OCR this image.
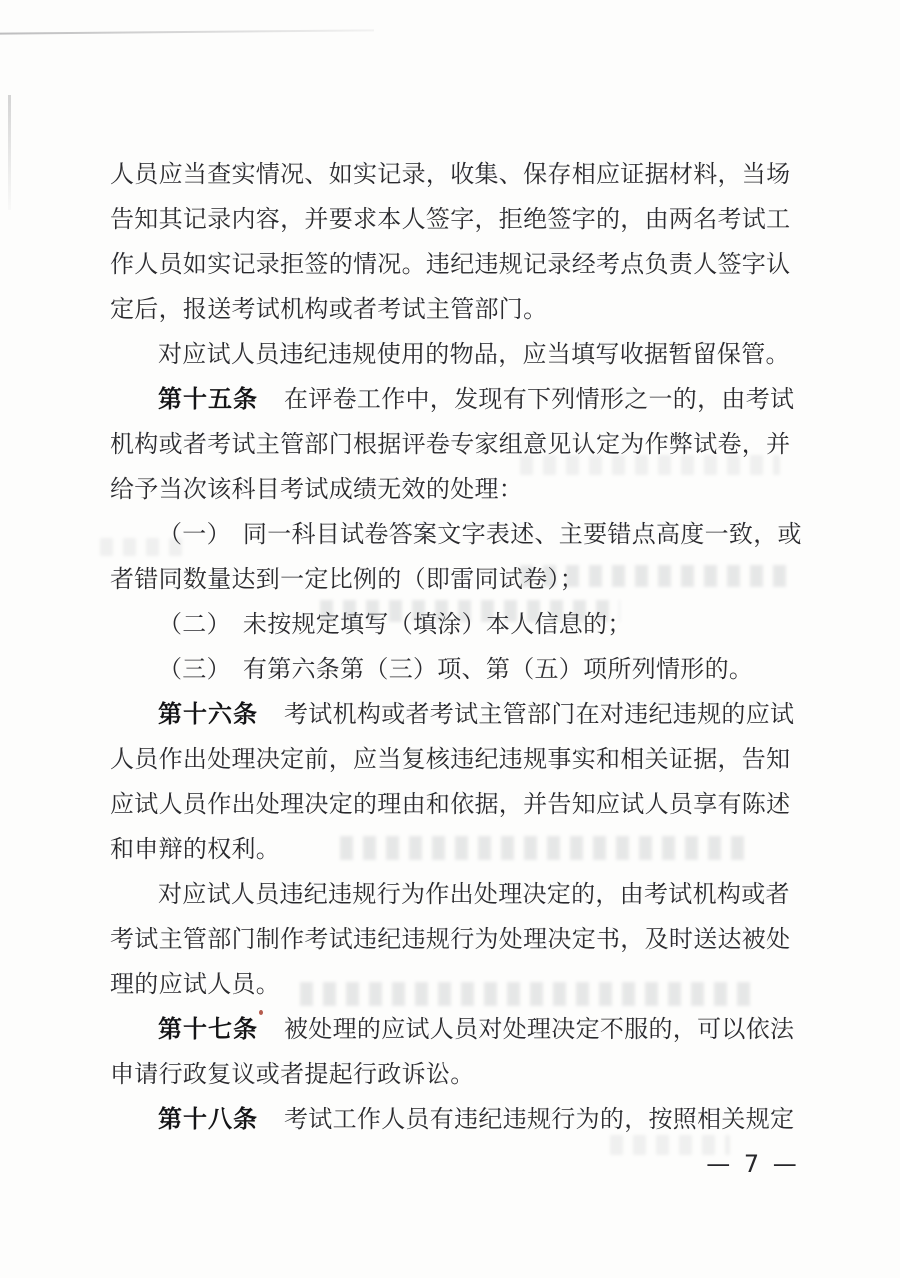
人员应当查实情况、如实记录，收集、保存相应证据材料，当场
告知其记录内容，并要求本人签字，拒绝签字的，由两名考试工
作人员如实记录拒签的情况。违纪违规记录经考点负责人签字认
定后，报送考试机构或者考试主管部门。
对应试人员违纪违规使用的物品，应当填写收据暂留保管。
第十五条 在评卷工作中，发现有下列情形之一的，由考试
机构或者考试主管部门根据评卷专家组意见认定为作弊试卷，并
给予当次该科目考试成绩无效的处理：
（一） 同一科目试卷答案文字表述、主要错点高度一致，或
者错同数量达到一定比例的（即雷同试卷）；
（二） 未按规定填写（填涂）本人信息的；
（三） 有第六条第（三）项、第（五）项所列情形的。
第十六条 考试机构或者考试主管部门在对违纪违规的应试
人员作出处理决定前，应当复核违纪违规事实和相关证据，告知
应试人员作出处理决定的理由和依据，并告知应试人员享有陈述
和申辩的权利。
对应试人员违纪违规行为作出处理决定的，由考试机构或者
考试主管部门制作考试违纪违规行为处理决定书，及时送达被处
理的应试人员。
第十七条 被处理的应试人员对处理决定不服的，可以依法
申请行政复议或者提起行政诉讼。
第十八条 考试工作人员有违纪违规行为的，按照相关规定
— 7 —
